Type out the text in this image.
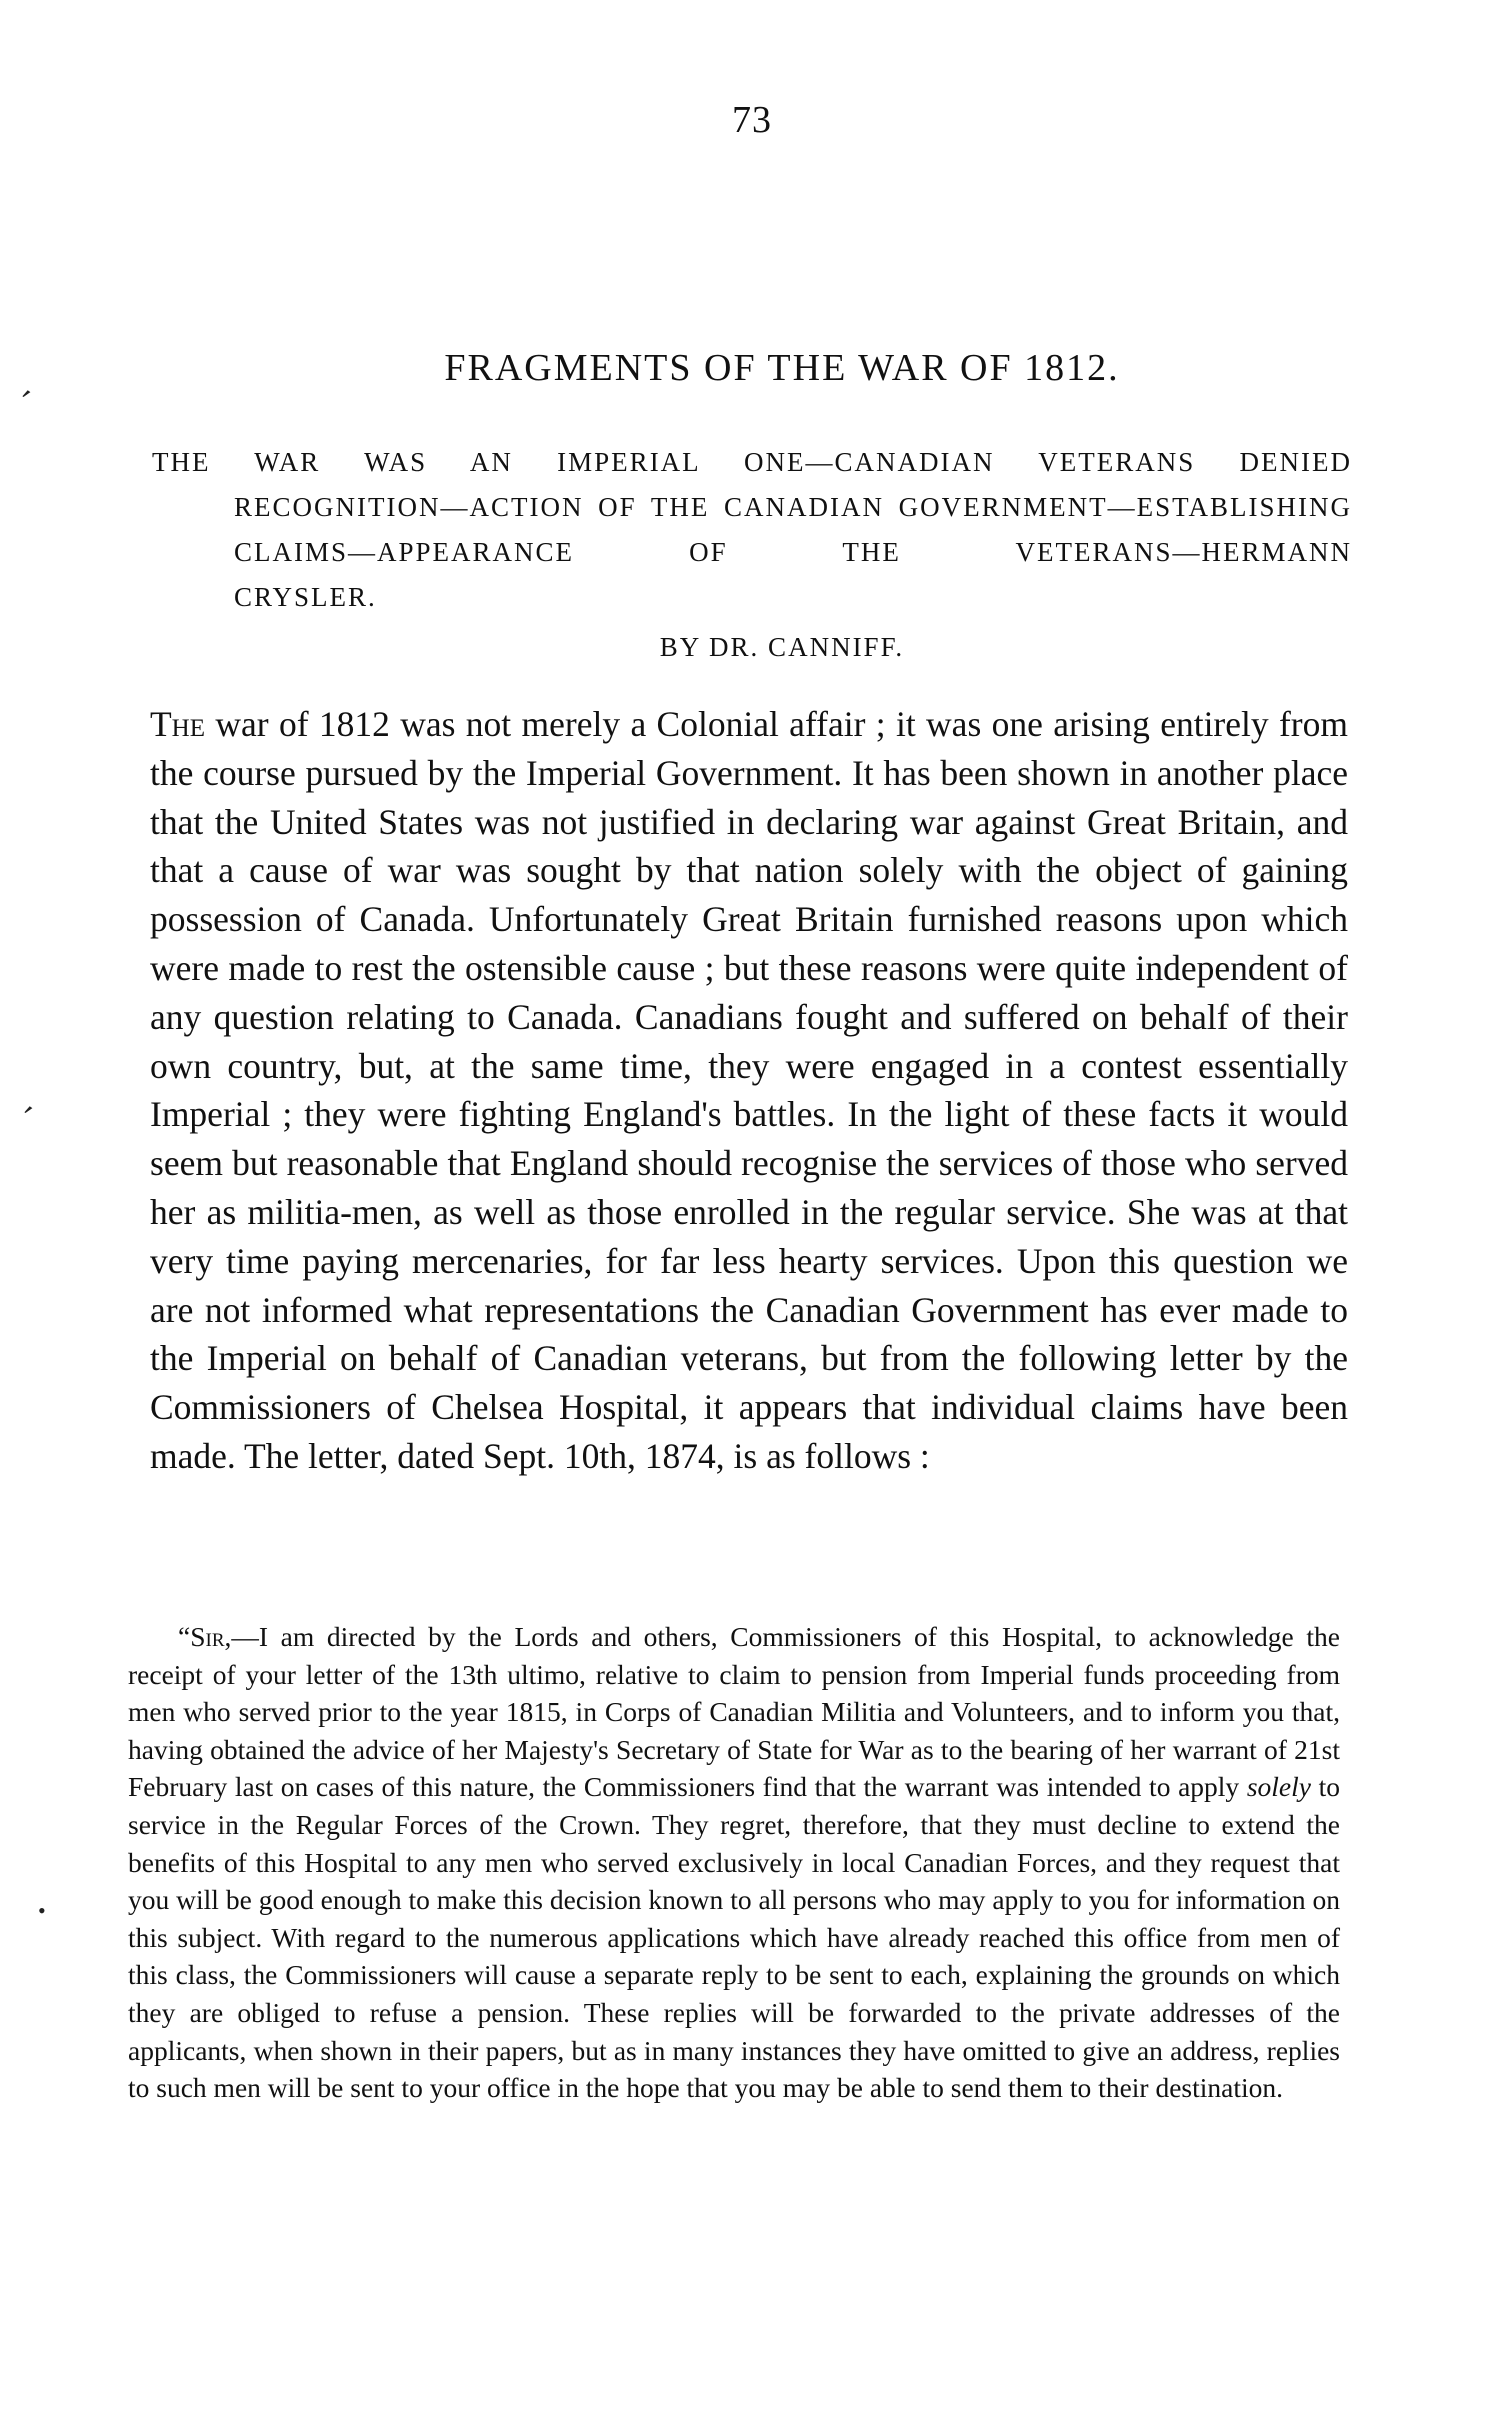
73
FRAGMENTS OF THE WAR OF 1812.
THE WAR WAS AN IMPERIAL ONE—CANADIAN VETERANS DENIED
RECOGNITION—ACTION OF THE CANADIAN GOVERNMENT—ESTABLISHING CLAIMS—APPEARANCE OF THE VETERANS—HERMANN
CRYSLER.
BY DR. CANNIFF.

The war of 1812 was not merely a Colonial affair ; it was one arising entirely from the course pursued by the Imperial Government. It has been shown in another place that the United States was not justified in declaring war against Great Britain, and that a cause of war was sought by that nation solely with the object of gaining possession of Canada. Unfortunately Great Britain furnished reasons upon which were made to rest the ostensible cause ; but these reasons were quite independent of any question relating to Canada. Canadians fought and suffered on behalf of their own country, but, at the same time, they were engaged in a contest essentially Imperial ; they were fighting England's battles. In the light of these facts it would seem but reasonable that England should recognise the services of those who served her as militia-men, as well as those enrolled in the regular service. She was at that very time paying mercenaries, for far less hearty services. Upon this question we are not informed what representations the Canadian Government has ever made to the Imperial on behalf of Canadian veterans, but from the following letter by the Commissioners of Chelsea Hospital, it appears that individual claims have been made. The letter, dated Sept. 10th, 1874, is as follows :

“Sir,—I am directed by the Lords and others, Commissioners of this Hospital, to acknowledge the receipt of your letter of the 13th ultimo, relative to claim to pension from Imperial funds proceeding from men who served prior to the year 1815, in Corps of Canadian Militia and Volunteers, and to inform you that, having obtained the advice of her Majesty's Secretary of State for War as to the bearing of her warrant of 21st February last on cases of this nature, the Commissioners find that the warrant was intended to apply solely to service in the Regular Forces of the Crown. They regret, therefore, that they must decline to extend the benefits of this Hospital to any men who served exclusively in local Canadian Forces, and they request that you will be good enough to make this decision known to all persons who may apply to you for information on this subject. With regard to the numerous applications which have already reached this office from men of this class, the Commissioners will cause a separate reply to be sent to each, explaining the grounds on which they are obliged to refuse a pension. These replies will be forwarded to the private addresses of the applicants, when shown in their papers, but as in many instances they have omitted to give an address, replies to such men will be sent to your office in the hope that you may be able to send them to their destination.

′
′
•
